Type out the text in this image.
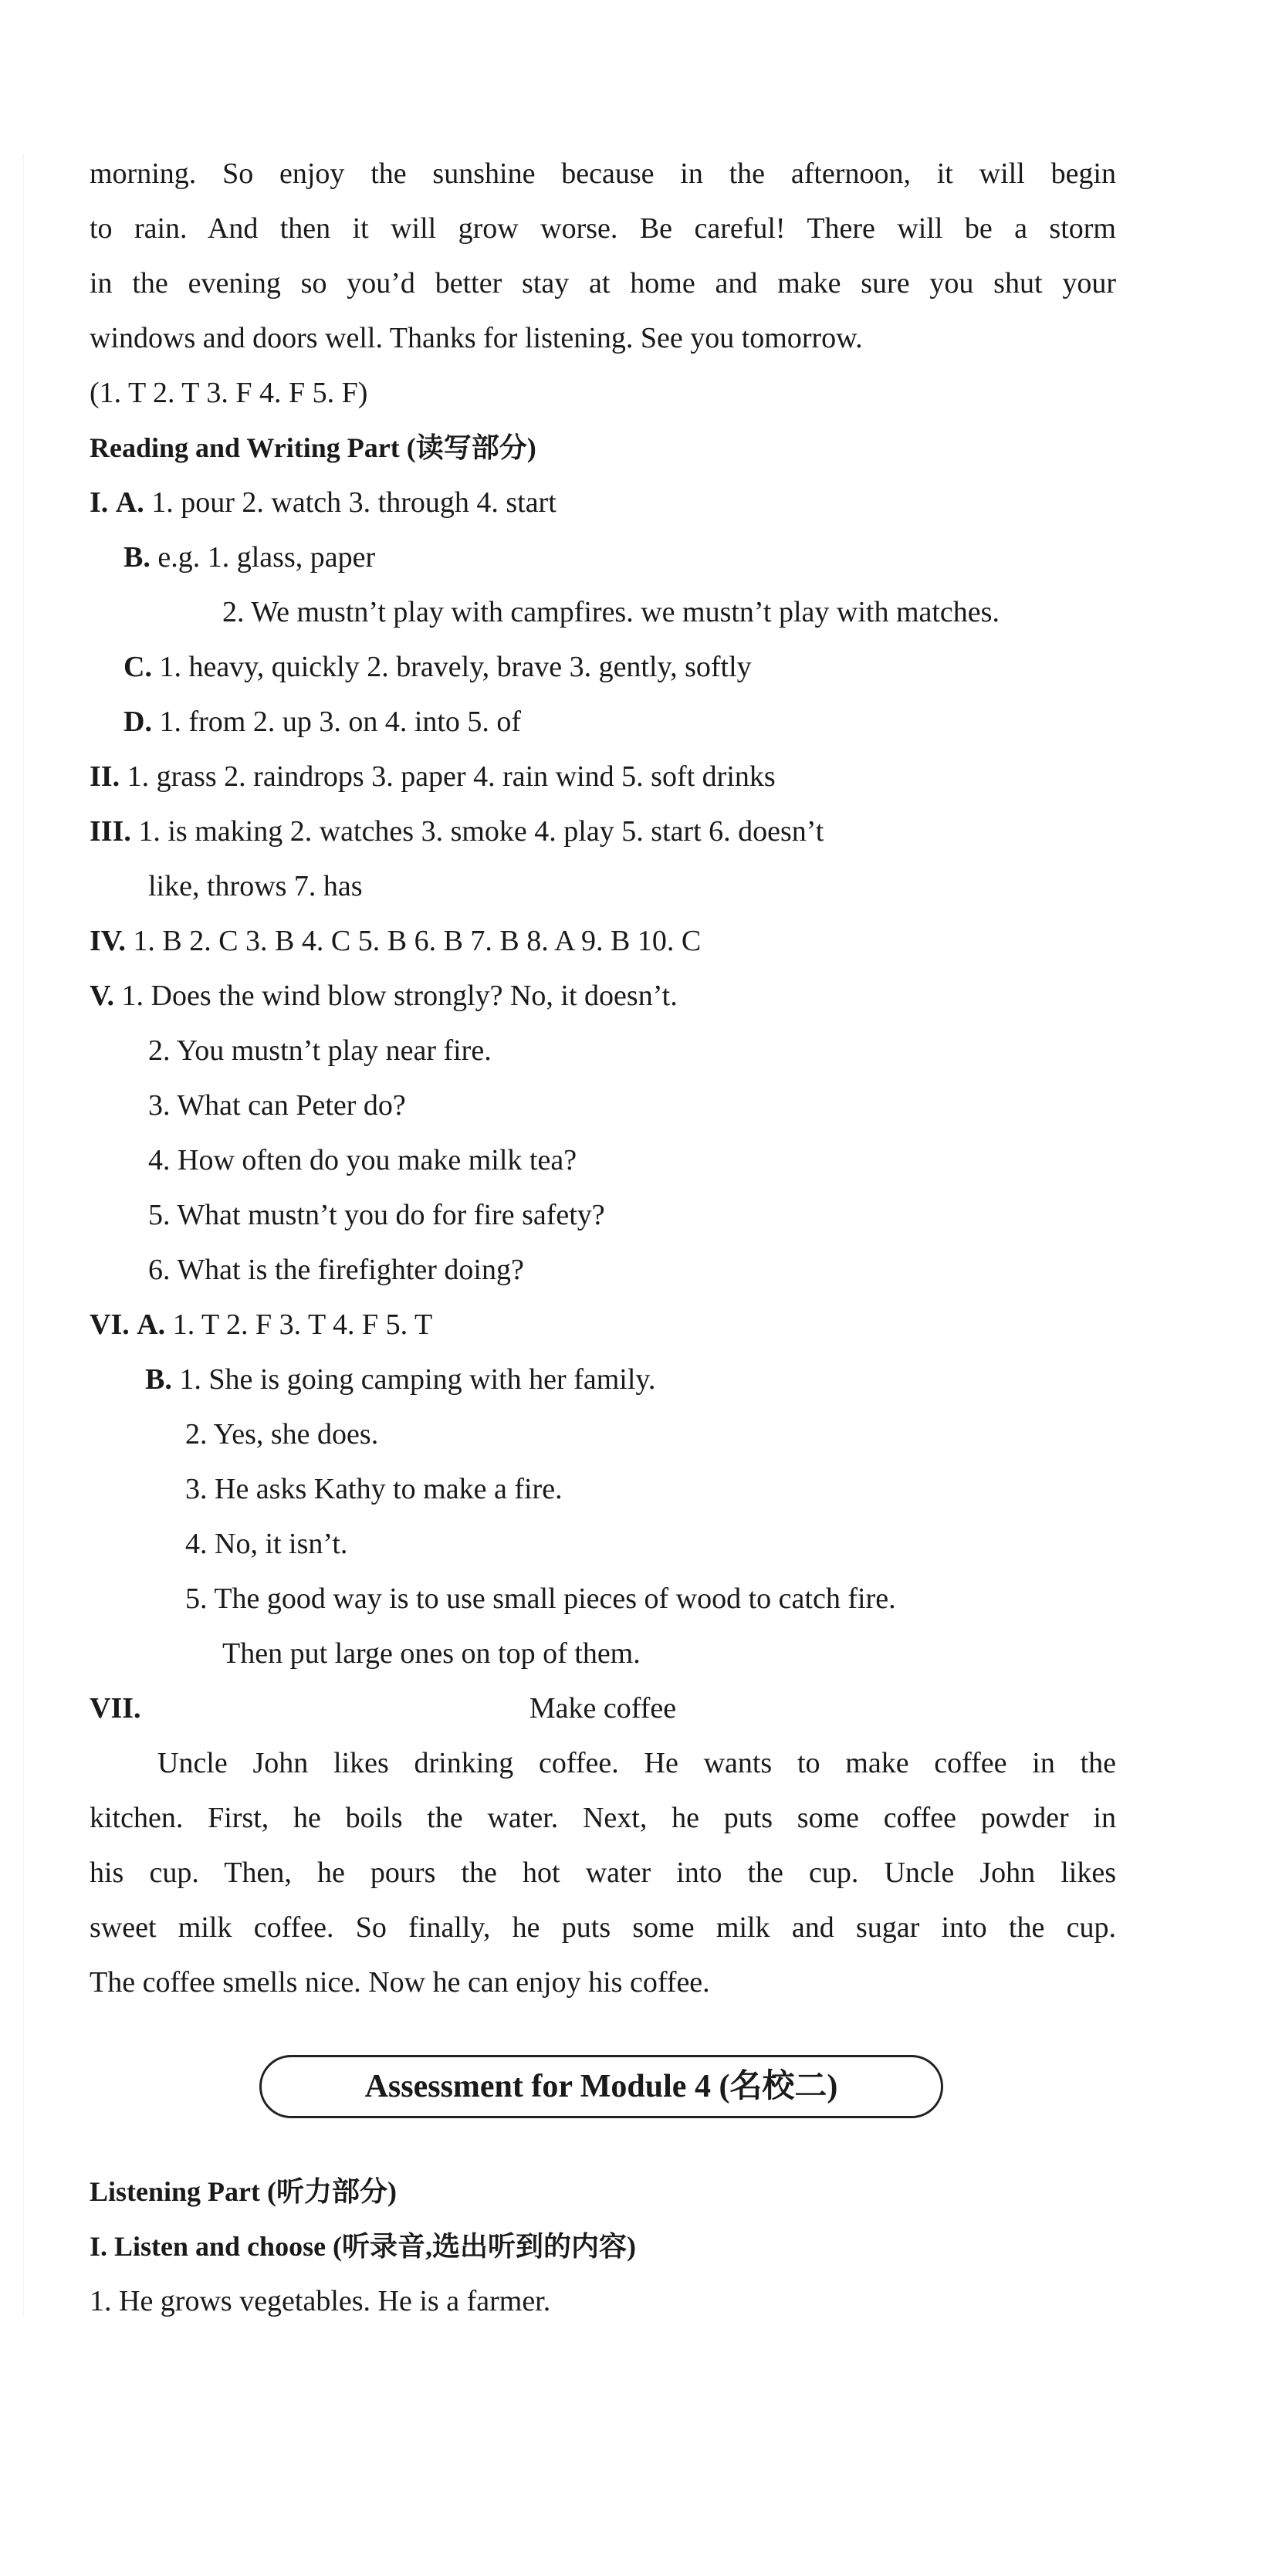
morning. So enjoy the sunshine because in the afternoon, it will begin
to rain. And then it will grow worse. Be careful! There will be a storm
in the evening so you’d better stay at home and make sure you shut your
windows and doors well. Thanks for listening. See you tomorrow.
(1. T 2. T 3. F 4. F 5. F)
Reading and Writing Part (读写部分)
I. A. 1. pour 2. watch 3. through 4. start
B. e.g. 1. glass, paper
2. We mustn’t play with campfires. we mustn’t play with matches.
C. 1. heavy, quickly 2. bravely, brave 3. gently, softly
D. 1. from 2. up 3. on 4. into 5. of
II. 1. grass 2. raindrops 3. paper 4. rain wind 5. soft drinks
III. 1. is making 2. watches 3. smoke 4. play 5. start 6. doesn’t
like, throws 7. has
IV. 1. B 2. C 3. B 4. C 5. B 6. B 7. B 8. A 9. B 10. C
V. 1. Does the wind blow strongly? No, it doesn’t.
2. You mustn’t play near fire.
3. What can Peter do?
4. How often do you make milk tea?
5. What mustn’t you do for fire safety?
6. What is the firefighter doing?
VI. A. 1. T 2. F 3. T 4. F 5. T
B. 1. She is going camping with her family.
2. Yes, she does.
3. He asks Kathy to make a fire.
4. No, it isn’t.
5. The good way is to use small pieces of wood to catch fire.
Then put large ones on top of them.
VII.	Make coffee
Uncle John likes drinking coffee. He wants to make coffee in the
kitchen. First, he boils the water. Next, he puts some coffee powder in
his cup. Then, he pours the hot water into the cup. Uncle John likes
sweet milk coffee. So finally, he puts some milk and sugar into the cup.
The coffee smells nice. Now he can enjoy his coffee.
Assessment for Module 4 (名校二)
Listening Part (听力部分)
I. Listen and choose (听录音,选出听到的内容)
1. He grows vegetables. He is a farmer.
